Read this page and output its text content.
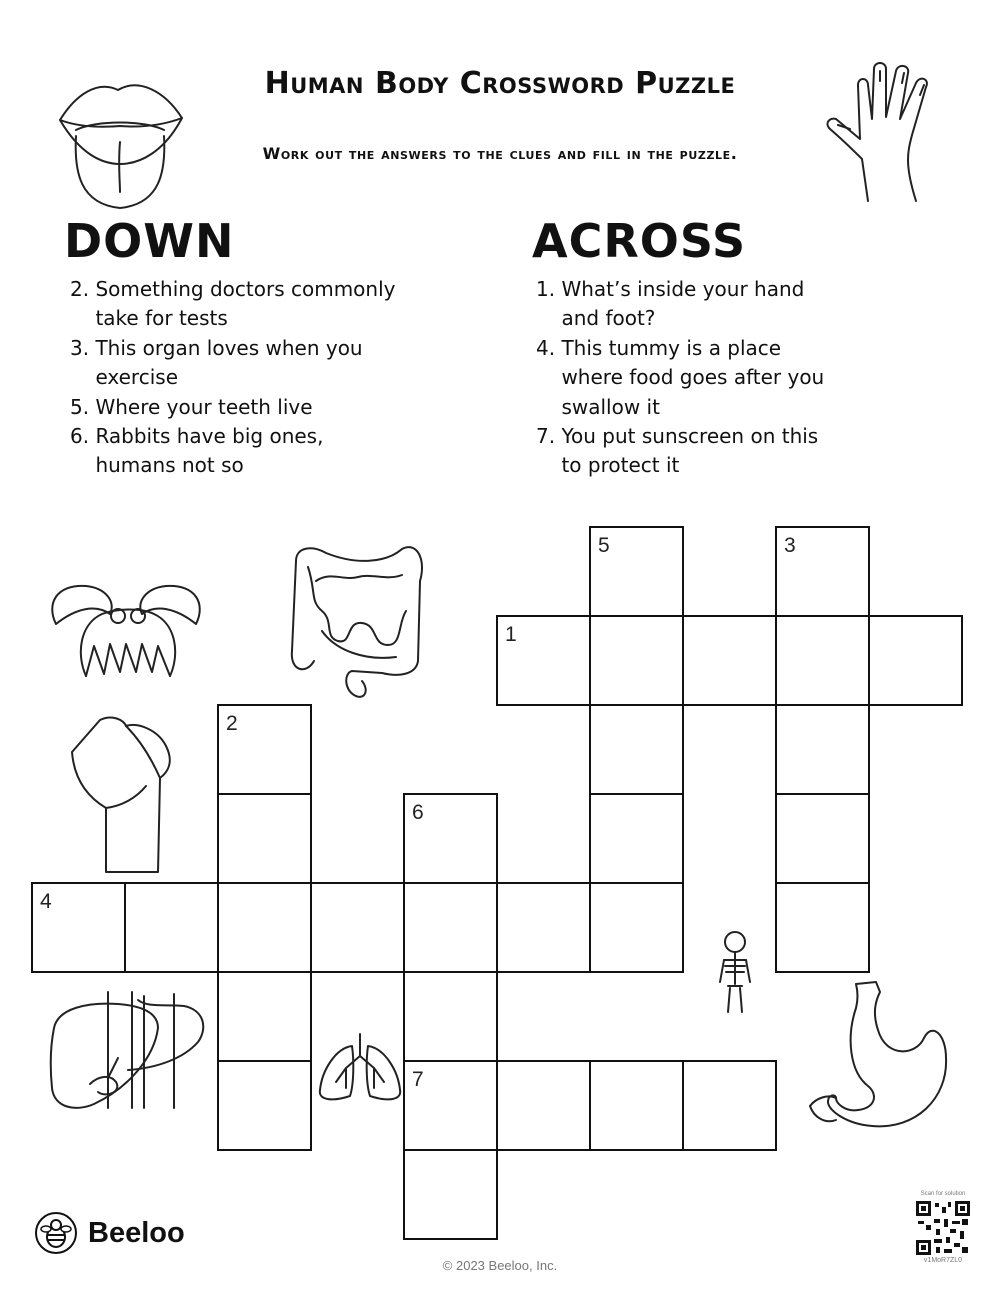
Human Body Crossword Puzzle
Work out the answers to the clues and fill in the puzzle.
DOWN	ACROSS
2. Something doctors commonly
take for tests
3. This organ loves when you
exercise
5. Where your teeth live
6. Rabbits have big ones,
humans not so
1. What’s inside your hand
and foot?
4. This tummy is a place
where food goes after you
swallow it
7. You put sunscreen on this
to protect it
1
2
3
4
5
6
7
Beeloo
© 2023 Beeloo, Inc.
Scan for solution
v1MoR7ZL0
